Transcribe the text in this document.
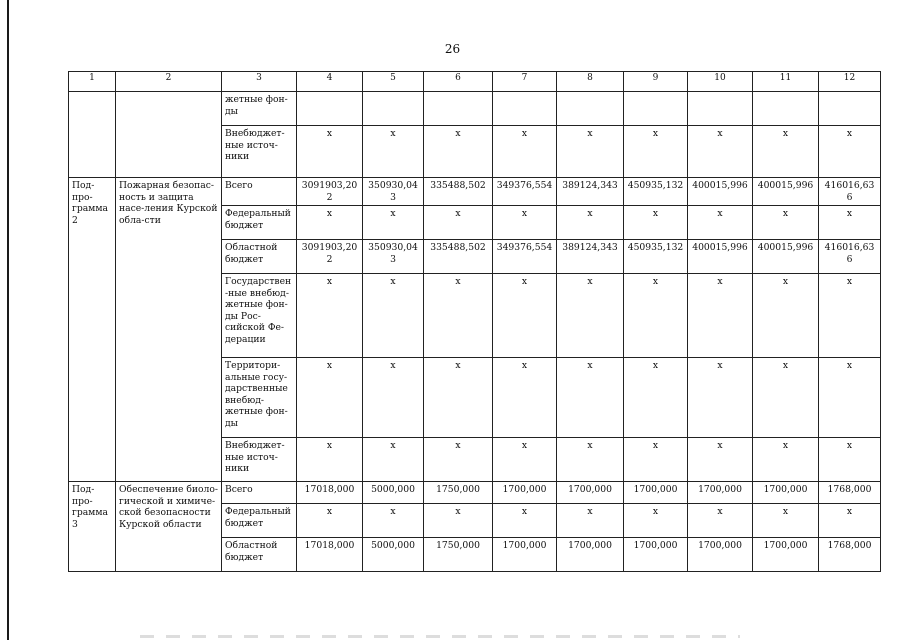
26
1	2	3	4	5	6	7	8	9	10	11	12
		жетные фон-ды									
		Внебюджет-ные источ-ники	x	x	x	x	x	x	x	x	x
Под-про-грамма 2	Пожарная безопас-ность и защита насе-ления Курской обла-сти	Всего	3091903,202	350930,043	335488,502	349376,554	389124,343	450935,132	400015,996	400015,996	416016,636
		Федеральный бюджет	x	x	x	x	x	x	x	x	x
		Областной бюджет	3091903,202	350930,043	335488,502	349376,554	389124,343	450935,132	400015,996	400015,996	416016,636
		Государствен-ные внебюд-жетные фон-ды Рос-сийской Фе-дерации	x	x	x	x	x	x	x	x	x
		Территори-альные госу-дарственные внебюд-жетные фон-ды	x	x	x	x	x	x	x	x	x
		Внебюджет-ные источ-ники	x	x	x	x	x	x	x	x	x
Под-про-грамма 3	Обеспечение биоло-гической и химиче-ской безопасности Курской области	Всего	17018,000	5000,000	1750,000	1700,000	1700,000	1700,000	1700,000	1700,000	1768,000
		Федеральный бюджет	x	x	x	x	x	x	x	x	x
		Областной бюджет	17018,000	5000,000	1750,000	1700,000	1700,000	1700,000	1700,000	1700,000	1768,000
